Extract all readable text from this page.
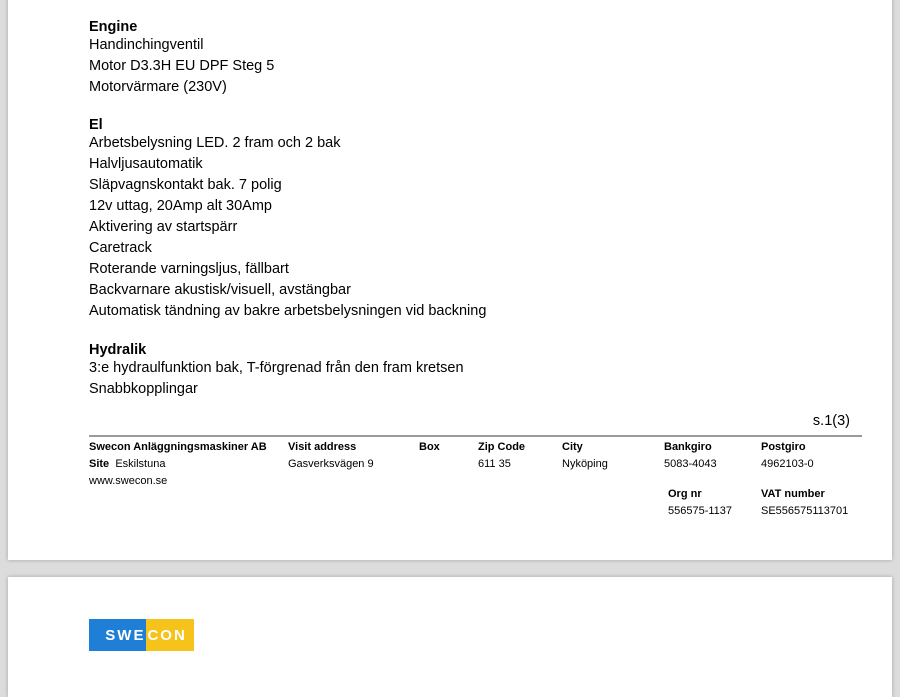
Engine
Handinchingventil
Motor D3.3H EU DPF Steg 5
Motorvärmare (230V)
El
Arbetsbelysning LED. 2 fram och 2 bak
Halvljusautomatik
Släpvagnskontakt bak. 7 polig
12v uttag, 20Amp alt 30Amp
Aktivering av startspärr
Caretrack
Roterande varningsljus, fällbart
Backvarnare akustisk/visuell, avstängbar
Automatisk tändning av bakre arbetsbelysningen vid backning
Hydralik
3:e hydraulfunktion bak, T-förgrenad från den fram kretsen
Snabbkopplingar
s.1(3)
Swecon Anläggningsmaskiner AB
Site Eskilstuna
www.swecon.se
Visit address
Gasverksvägen 9
Box	Zip Code
611 35
City
Nyköping
Bankgiro
5083-4043
Postgiro
4962103-0
Org nr
556575-1137
VAT number
SE556575113701
SWE CON
